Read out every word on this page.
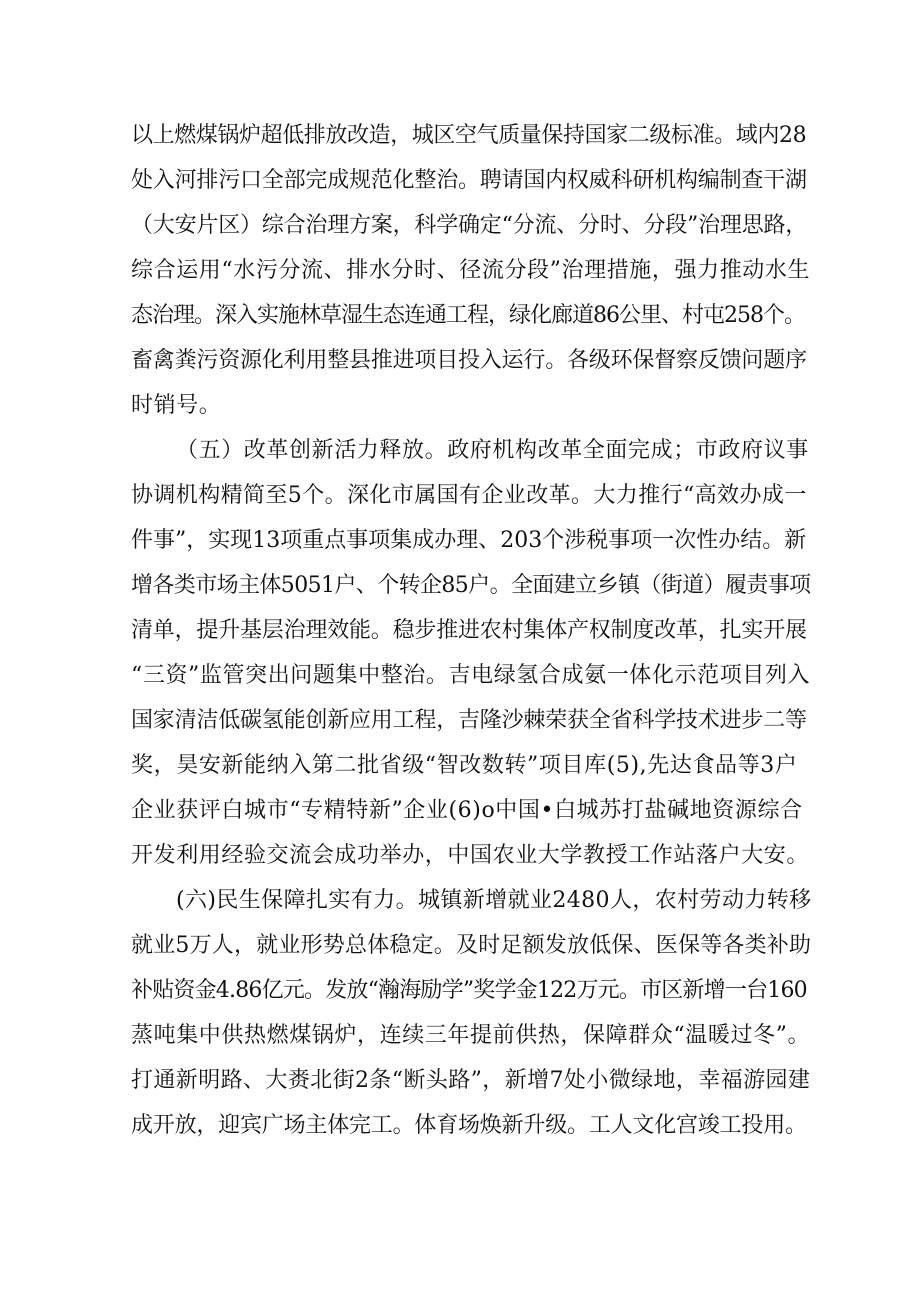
以上燃煤锅炉超低排放改造，城区空气质量保持国家二级标准。域内28
处入河排污口全部完成规范化整治。聘请国内权威科研机构编制查干湖
（大安片区）综合治理方案，科学确定“分流、分时、分段”治理思路，
综合运用“水污分流、排水分时、径流分段”治理措施，强力推动水生
态治理。深入实施林草湿生态连通工程，绿化廊道86公里、村屯258个。
畜禽粪污资源化利用整县推进项目投入运行。各级环保督察反馈问题序
时销号。
（五）改革创新活力释放。政府机构改革全面完成；市政府议事
协调机构精简至5个。深化市属国有企业改革。大力推行“高效办成一
件事”，实现13项重点事项集成办理、203个涉税事项一次性办结。新
增各类市场主体5051户、个转企85户。全面建立乡镇（街道）履责事项
清单，提升基层治理效能。稳步推进农村集体产权制度改革，扎实开展
“三资”监管突出问题集中整治。吉电绿氢合成氨一体化示范项目列入
国家清洁低碳氢能创新应用工程，吉隆沙棘荣获全省科学技术进步二等
奖，昊安新能纳入第二批省级“智改数转”项目库(5),先达食品等3户
企业获评白城市“专精特新”企业(6)o中国•白城苏打盐碱地资源综合
开发利用经验交流会成功举办，中国农业大学教授工作站落户大安。
(六)民生保障扎实有力。城镇新增就业2480人，农村劳动力转移
就业5万人，就业形势总体稳定。及时足额发放低保、医保等各类补助
补贴资金4.86亿元。发放“瀚海励学”奖学金122万元。市区新增一台160
蒸吨集中供热燃煤锅炉，连续三年提前供热，保障群众“温暖过冬”。
打通新明路、大赉北街2条“断头路”，新增7处小微绿地，幸福游园建
成开放，迎宾广场主体完工。体育场焕新升级。工人文化宫竣工投用。
